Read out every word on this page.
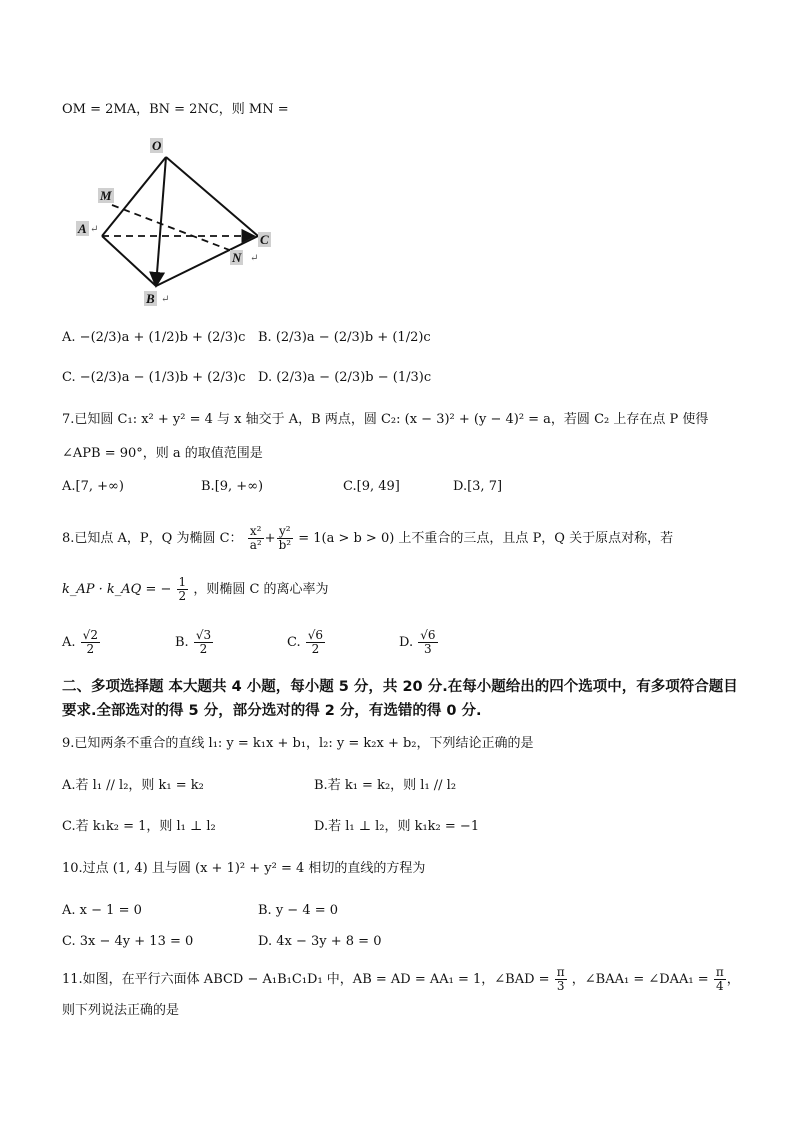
OM = 2MA，BN = 2NC，则 MN =
O
M
A ↵
C
N ↵
B ↵
A. −(2/3)a + (1/2)b + (2/3)c B. (2/3)a − (2/3)b + (1/2)c
C. −(2/3)a − (1/3)b + (2/3)c D. (2/3)a − (2/3)b − (1/3)c
7.已知圆 C₁: x² + y² = 4 与 x 轴交于 A，B 两点，圆 C₂: (x − 3)² + (y − 4)² = a，若圆 C₂ 上存在点 P 使得
∠APB = 90°，则 a 的取值范围是
A.[7, +∞)	B.[9, +∞)	C.[9, 49]	D.[3, 7]
8.已知点 A，P，Q 为椭圆 C： $\frac{\text{x²}}{\text{a²}} + \frac{\text{y²}}{\text{b²}} = 1(a > b > 0)$ 上不重合的三点，且点 P，Q 关于原点对称，若
k_AP · k_AQ = − $\frac{1}{2}$ ，则椭圆 C 的离心率为
A. $\frac{√2}{2}$	B. $\frac{√3}{2}$	C. $\frac{√6}{2}$	D. $\frac{√6}{3}$
二、多项选择题 本大题共 4 小题，每小题 5 分，共 20 分.在每小题给出的四个选项中，有多项符合题目要求.全部选对的得 5 分，部分选对的得 2 分，有选错的得 0 分.
9.已知两条不重合的直线 l₁: y = k₁x + b₁，l₂: y = k₂x + b₂，下列结论正确的是
A.若 l₁ // l₂，则 k₁ = k₂	B.若 k₁ = k₂，则 l₁ // l₂
C.若 k₁k₂ = 1，则 l₁ ⊥ l₂	D.若 l₁ ⊥ l₂，则 k₁k₂ = −1
10.过点 (1, 4) 且与圆 (x + 1)² + y² = 4 相切的直线的方程为
A. x − 1 = 0	B. y − 4 = 0
C. 3x − 4y + 13 = 0	D. 4x − 3y + 8 = 0
11.如图，在平行六面体 ABCD − A₁B₁C₁D₁ 中，AB = AD = AA₁ = 1，∠BAD = $\frac{\pi}{3}$ ，∠BAA₁ = ∠DAA₁ = $\frac{\pi}{4}$ ，
则下列说法正确的是
